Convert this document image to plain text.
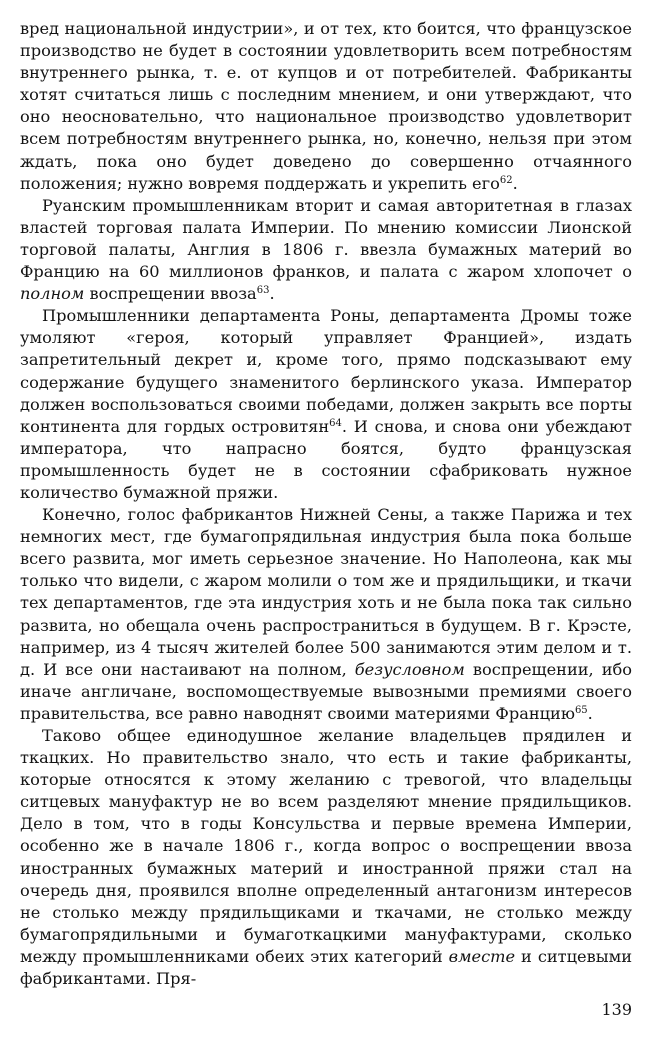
вред национальной индустрии», и от тех, кто боится, что французское производство не будет в состоянии удовлетворить всем потребностям внутреннего рынка, т. е. от купцов и от потребителей. Фабриканты хотят считаться лишь с последним мнением, и они утверждают, что оно неосновательно, что национальное производство удовлетворит всем потребностям внутреннего рынка, но, конечно, нельзя при этом ждать, пока оно будет доведено до совершенно отчаянного положения; нужно вовремя поддержать и укрепить его$^{62}$.

Руанским промышленникам вторит и самая авторитетная в глазах властей торговая палата Империи. По мнению комиссии Лионской торговой палаты, Англия в 1806 г. ввезла бумажных материй во Францию на 60 миллионов франков, и палата с жаром хлопочет о полном воспрещении ввоза$^{63}$.

Промышленники департамента Роны, департамента Дромы тоже умоляют «героя, который управляет Францией», издать запретительный декрет и, кроме того, прямо подсказывают ему содержание будущего знаменитого берлинского указа. Император должен воспользоваться своими победами, должен закрыть все порты континента для гордых островитян$^{64}$. И снова, и снова они убеждают императора, что напрасно боятся, будто французская промышленность будет не в состоянии сфабриковать нужное количество бумажной пряжи.

Конечно, голос фабрикантов Нижней Сены, а также Парижа и тех немногих мест, где бумагопрядильная индустрия была пока больше всего развита, мог иметь серьезное значение. Но Наполеона, как мы только что видели, с жаром молили о том же и прядильщики, и ткачи тех департаментов, где эта индустрия хоть и не была пока так сильно развита, но обещала очень распространиться в будущем. В г. Крэсте, например, из 4 тысяч жителей более 500 занимаются этим делом и т. д. И все они настаивают на полном, безусловном воспрещении, ибо иначе англичане, воспомоществуемые вывозными премиями своего правительства, все равно наводнят своими материями Францию$^{65}$.

Таково общее единодушное желание владельцев прядилен и ткацких. Но правительство знало, что есть и такие фабриканты, которые относятся к этому желанию с тревогой, что владельцы ситцевых мануфактур не во всем разделяют мнение прядильщиков. Дело в том, что в годы Консульства и первые времена Империи, особенно же в начале 1806 г., когда вопрос о воспрещении ввоза иностранных бумажных материй и иностранной пряжи стал на очередь дня, проявился вполне определенный антагонизм интересов не столько между прядильщиками и ткачами, не столько между бумагопрядильными и бумаготкацкими мануфактурами, сколько между промышленниками обеих этих категорий вместе и ситцевыми фабрикантами. Пря-

139
